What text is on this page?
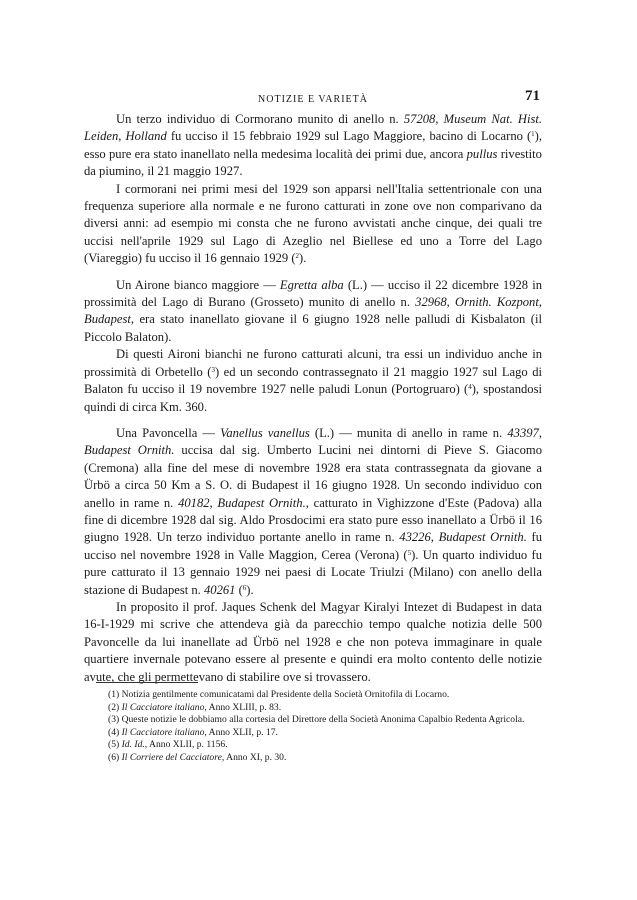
NOTIZIE E VARIETÀ	71

Un terzo individuo di Cormorano munito di anello n. 57208, Museum Nat. Hist. Leiden, Holland fu ucciso il 15 febbraio 1929 sul Lago Maggiore, bacino di Locarno ($^1$), esso pure era stato inanellato nella medesima località dei primi due, ancora pullus rivestito da piumino, il 21 maggio 1927.

I cormorani nei primi mesi del 1929 son apparsi nell'Italia settentrionale con una frequenza superiore alla normale e ne furono catturati in zone ove non comparivano da diversi anni: ad esempio mi consta che ne furono avvistati anche cinque, dei quali tre uccisi nell'aprile 1929 sul Lago di Azeglio nel Biellese ed uno a Torre del Lago (Viareggio) fu ucciso il 16 gennaio 1929 ($^2$).

Un Airone bianco maggiore — Egretta alba (L.) — ucciso il 22 dicembre 1928 in prossimità del Lago di Burano (Grosseto) munito di anello n. 32968, Ornith. Kozpont, Budapest, era stato inanellato giovane il 6 giugno 1928 nelle palludi di Kisbalaton (il Piccolo Balaton).

Di questi Aironi bianchi ne furono catturati alcuni, tra essi un individuo anche in prossimità di Orbetello ($^3$) ed un secondo contrassegnato il 21 maggio 1927 sul Lago di Balaton fu ucciso il 19 novembre 1927 nelle paludi Lonun (Portogruaro) ($^4$), spostandosi quindi di circa Km. 360.

Una Pavoncella — Vanellus vanellus (L.) — munita di anello in rame n. 43397, Budapest Ornith. uccisa dal sig. Umberto Lucini nei dintorni di Pieve S. Giacomo (Cremona) alla fine del mese di novembre 1928 era stata contrassegnata da giovane a Ürbö a circa 50 Km a S. O. di Budapest il 16 giugno 1928. Un secondo individuo con anello in rame n. 40182, Budapest Ornith., catturato in Vighizzone d'Este (Padova) alla fine di dicembre 1928 dal sig. Aldo Prosdocimi era stato pure esso inanellato a Ürbö il 16 giugno 1928. Un terzo individuo portante anello in rame n. 43226, Budapest Ornith. fu ucciso nel novembre 1928 in Valle Maggion, Cerea (Verona) ($^5$). Un quarto individuo fu pure catturato il 13 gennaio 1929 nei paesi di Locate Triulzi (Milano) con anello della stazione di Budapest n. 40261 ($^6$).

In proposito il prof. Jaques Schenk del Magyar Kiralyi Intezet di Budapest in data 16-I-1929 mi scrive che attendeva già da parecchio tempo qualche notizia delle 500 Pavoncelle da lui inanellate ad Ürbö nel 1928 e che non poteva immaginare in quale quartiere invernale potevano essere al presente e quindi era molto contento delle notizie avute, che gli permettevano di stabilire ove si trovassero.

(1) Notizia gentilmente comunicatami dal Presidente della Società Ornitofila di Locarno.

(2) Il Cacciatore italiano, Anno XLIII, p. 83.

(3) Queste notizie le dobbiamo alla cortesia del Direttore della Società Anonima Capalbio Redenta Agricola.

(4) Il Cacciatore italiano, Anno XLII, p. 17.

(5) Id. Id., Anno XLII, p. 1156.

(6) Il Corriere del Cacciatore, Anno XI, p. 30.
